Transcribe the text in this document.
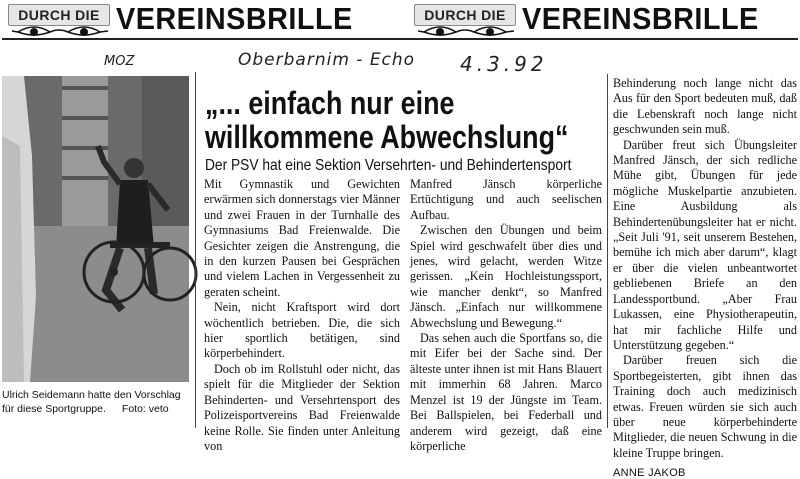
DURCH DIE VEREINSBRILLE	DURCH DIE VEREINSBRILLE
MOZ	Oberbarnim - Echo 4.3.92
Ulrich Seidemann hatte den Vorschlag
für diese Sportgruppe. Foto: veto
„... einfach nur eine
willkommene Abwechslung“
Der PSV hat eine Sektion Versehrten- und Behindertensport

Mit Gymnastik und Gewichten erwärmen sich donnerstags vier Männer und zwei Frauen in der Turnhalle des Gymnasiums Bad Freienwalde. Die Gesichter zeigen die Anstrengung, die in den kurzen Pausen bei Gesprächen und vielem Lachen in Vergessenheit zu geraten scheint.

Nein, nicht Kraftsport wird dort wöchentlich betrieben. Die, die sich hier sportlich betätigen, sind körperbehindert.

Doch ob im Rollstuhl oder nicht, das spielt für die Mitglieder der Sektion Behinderten- und Versehrtensport des Polizeisportvereins Bad Freienwalde keine Rolle. Sie finden unter Anleitung von

Manfred Jänsch körperliche Ertüchtigung und auch seelischen Aufbau.

Zwischen den Übungen und beim Spiel wird geschwafelt über dies und jenes, wird gelacht, werden Witze gerissen. „Kein Hochleistungssport, wie mancher denkt“, so Manfred Jänsch. „Einfach nur willkommene Abwechslung und Bewegung.“

Das sehen auch die Sportfans so, die mit Eifer bei der Sache sind. Der älteste unter ihnen ist mit Hans Blauert mit immerhin 68 Jahren. Marco Menzel ist 19 der Jüngste im Team. Bei Ballspielen, bei Federball und anderem wird gezeigt, daß eine körperliche

Behinderung noch lange nicht das Aus für den Sport bedeuten muß, daß die Lebenskraft noch lange nicht geschwunden sein muß.

Darüber freut sich Übungsleiter Manfred Jänsch, der sich redliche Mühe gibt, Übungen für jede mögliche Muskelpartie anzubieten. Eine Ausbildung als Behindertenübungsleiter hat er nicht. „Seit Juli '91, seit unserem Bestehen, bemühe ich mich aber darum“, klagt er über die vielen unbeantwortet gebliebenen Briefe an den Landessportbund. „Aber Frau Lukassen, eine Physiotherapeutin, hat mir fachliche Hilfe und Unterstützung gegeben.“

Darüber freuen sich die Sportbegeisterten, gibt ihnen das Training doch auch medizinisch etwas. Freuen würden sie sich auch über neue körperbehinderte Mitglieder, die neuen Schwung in die kleine Truppe bringen.

ANNE JAKOB
